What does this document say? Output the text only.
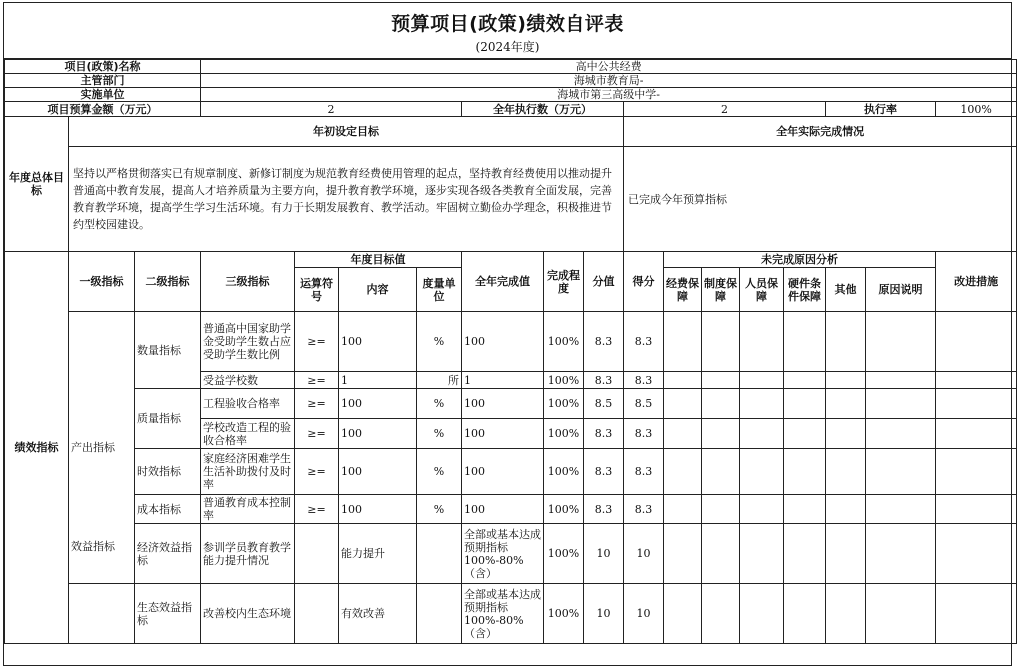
预算项目(政策)绩效自评表
(2024年度)
项目(政策)名称			高中公共经费														
主管部门			海城市教育局-														
实施单位			海城市第三高级中学-														
项目预算金额（万元）			2				全年执行数（万元）			2					执行率		100%
年度总体目标	年初设定目标									全年实际完成情况							
	坚持以严格贯彻落实已有规章制度、新修订制度为规范教育经费使用管理的起点，坚持教育经费使用以推动提升普通高中教育发展，提高人才培养质量为主要方向，提升教育教学环境，逐步实现各级各类教育全面发展，完善教育教学环境，提高学生学习生活环境。有力于长期发展教育、教学活动。牢固树立勤俭办学理念，积极推进节约型校园建设。									已完成今年预算指标							
绩效指标	一级指标	二级指标	三级指标	年度目标值			全年完成值	完成程度	分值	得分	未完成原因分析						改进措施
				运算符号	内容	度量单位					经费保障	制度保障	人员保障	硬件条件保障	其他	原因说明	
	产出指标	数量指标	普通高中国家助学金受助学生数占应受助学生数比例	≥=	100	%	100	100%	8.3	8.3							
			受益学校数	≥=	1	所	1	100%	8.3	8.3							
		质量指标	工程验收合格率	≥=	100	%	100	100%	8.5	8.5							
			学校改造工程的验收合格率	≥=	100	%	100	100%	8.3	8.3							
		时效指标	家庭经济困难学生生活补助拨付及时率	≥=	100	%	100	100%	8.3	8.3							
		成本指标	普通教育成本控制率	≥=	100	%	100	100%	8.3	8.3							
		经济效益指标	参训学员教育教学能力提升情况		能力提升		全部或基本达成预期指标100%-80%（含）	100%	10	10							

	效益指标	生态效益指标	改善校内生态环境		有效改善		全部或基本达成预期指标100%-80%（含）	100%	10	10							
